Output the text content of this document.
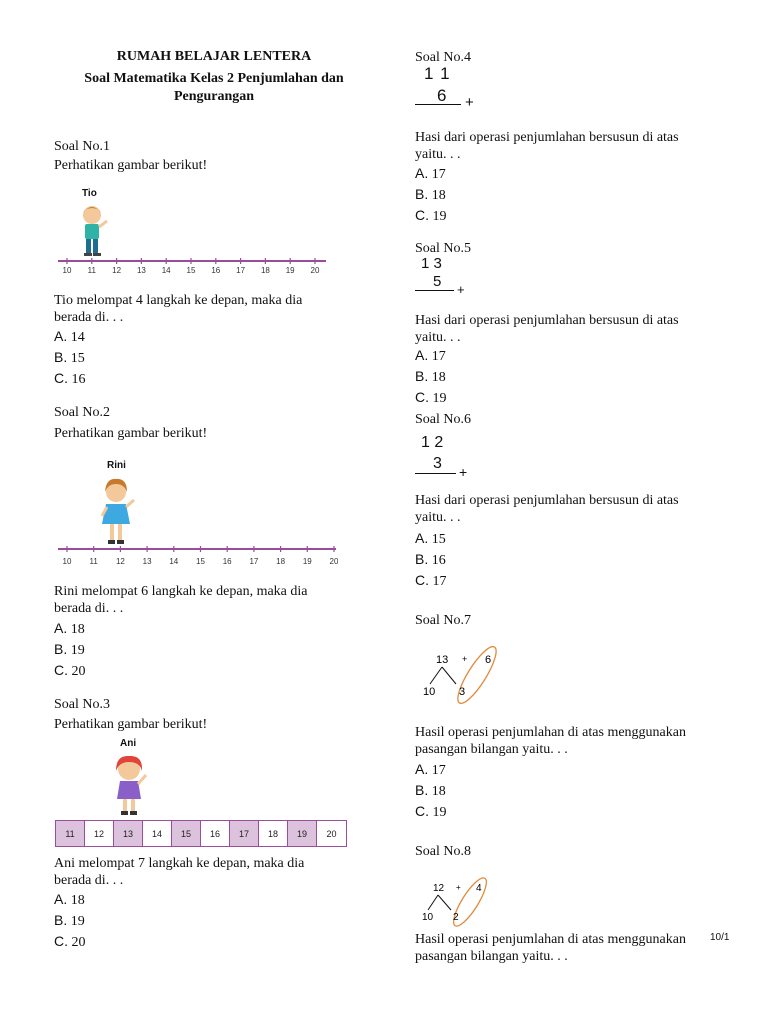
RUMAH BELAJAR LENTERA
Soal Matematika Kelas 2 Penjumlahan dan
Pengurangan
Soal No.1
Perhatikan gambar berikut!
Tio
10 11 12 13 14 15 16 17 18 19 20
Tio melompat 4 langkah ke depan, maka dia
berada di. . .
A. 14
B. 15
C. 16
Soal No.2
Perhatikan gambar berikut!
Rini
10 11 12 13 14 15 16 17 18 19 20
Rini melompat 6 langkah ke depan, maka dia
berada di. . .
A. 18
B. 19
C. 20
Soal No.3
Perhatikan gambar berikut!
Ani
11	12	13	14	15	16	17	18	19	20
Ani melompat 7 langkah ke depan, maka dia
berada di. . .
A. 18
B. 19
C. 20
Soal No.4
1 1
6 +
Hasi dari operasi penjumlahan bersusun di atas
yaitu. . .
A. 17
B. 18
C. 19
Soal No.5
1 3
5 +
Hasi dari operasi penjumlahan bersusun di atas
yaitu. . .
A. 17
B. 18
C. 19
Soal No.6
1 2
3 +
Hasi dari operasi penjumlahan bersusun di atas
yaitu. . .
A. 15
B. 16
C. 17
Soal No.7
13 + 6
10 3
Hasil operasi penjumlahan di atas menggunakan
pasangan bilangan yaitu. . .
A. 17
B. 18
C. 19
Soal No.8
12 + 4
10 2
Hasil operasi penjumlahan di atas menggunakan
pasangan bilangan yaitu. . .
10/1
